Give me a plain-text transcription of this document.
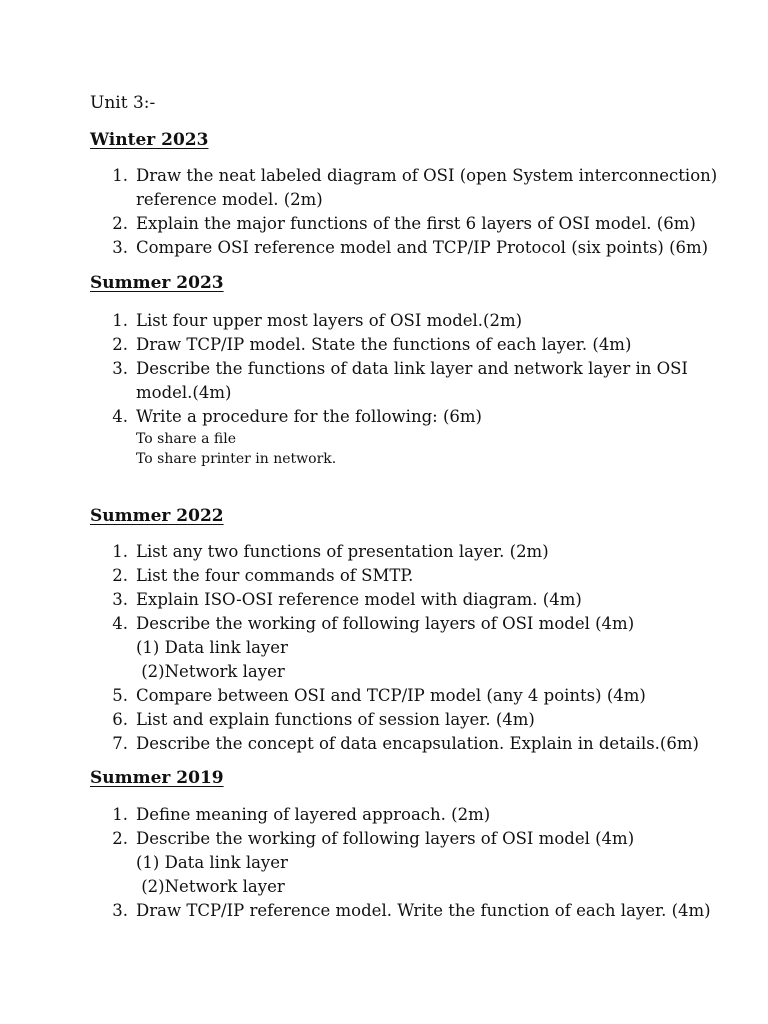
Unit 3:-
Winter 2023
1. Draw the neat labeled diagram of OSI (open System interconnection)
reference model. (2m)
2. Explain the major functions of the first 6 layers of OSI model. (6m)
3. Compare OSI reference model and TCP/IP Protocol (six points) (6m)
Summer 2023
1. List four upper most layers of OSI model.(2m)
2. Draw TCP/IP model. State the functions of each layer. (4m)
3. Describe the functions of data link layer and network layer in OSI
model.(4m)
4. Write a procedure for the following: (6m)
To share a file
To share printer in network.
Summer 2022
1. List any two functions of presentation layer. (2m)
2. List the four commands of SMTP.
3. Explain ISO-OSI reference model with diagram. (4m)
4. Describe the working of following layers of OSI model (4m)
(1) Data link layer
(2)Network layer
5. Compare between OSI and TCP/IP model (any 4 points) (4m)
6. List and explain functions of session layer. (4m)
7. Describe the concept of data encapsulation. Explain in details.(6m)
Summer 2019
1. Define meaning of layered approach. (2m)
2. Describe the working of following layers of OSI model (4m)
(1) Data link layer
(2)Network layer
3. Draw TCP/IP reference model. Write the function of each layer. (4m)
